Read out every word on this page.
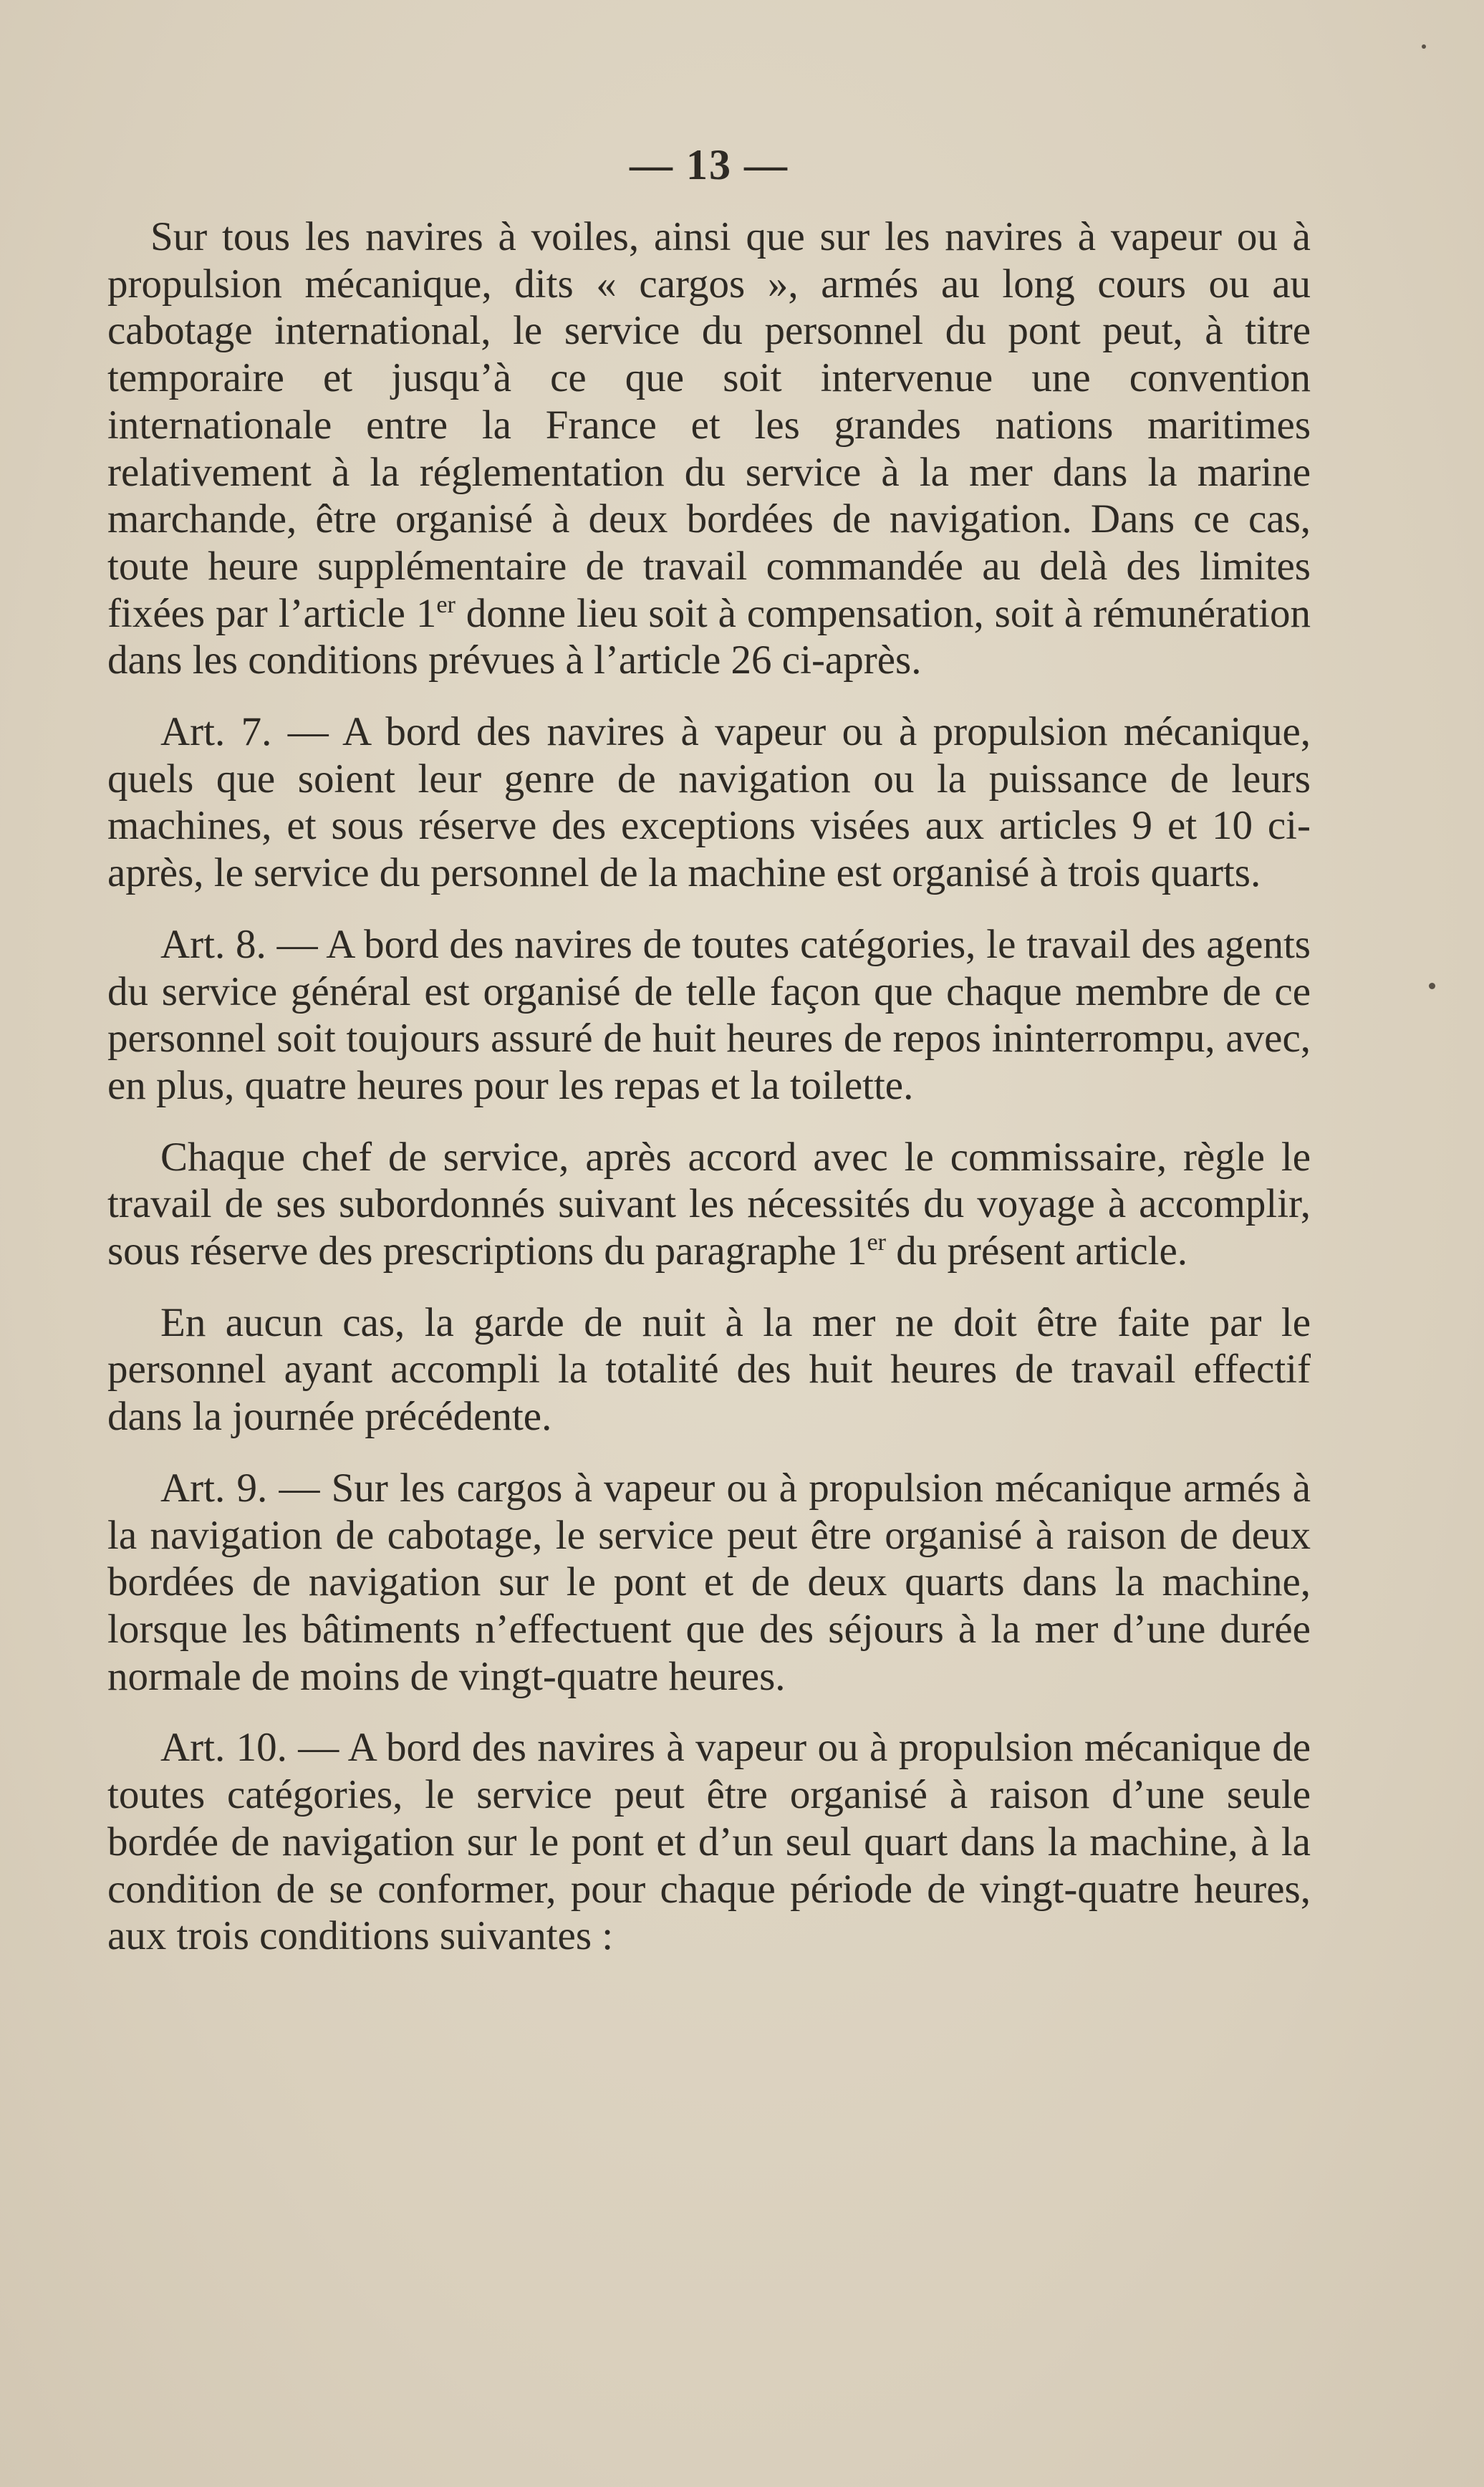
— 13 —

Sur tous les navires à voiles, ainsi que sur les navires à vapeur ou à propulsion mécanique, dits « cargos », armés au long cours ou au cabotage international, le service du personnel du pont peut, à titre temporaire et jusqu’à ce que soit intervenue une convention internationale entre la France et les grandes nations maritimes relativement à la réglementation du service à la mer dans la marine marchande, être organisé à deux bordées de navigation. Dans ce cas, toute heure supplémentaire de travail commandée au delà des limites fixées par l’article 1er donne lieu soit à compensation, soit à rémunération dans les conditions prévues à l’article 26 ci-après.

Art. 7. — A bord des navires à vapeur ou à propulsion mécanique, quels que soient leur genre de navigation ou la puissance de leurs machines, et sous réserve des exceptions visées aux articles 9 et 10 ci-après, le service du personnel de la machine est organisé à trois quarts.

Art. 8. — A bord des navires de toutes catégories, le travail des agents du service général est organisé de telle façon que chaque membre de ce personnel soit toujours assuré de huit heures de repos ininterrompu, avec, en plus, quatre heures pour les repas et la toilette.

Chaque chef de service, après accord avec le commissaire, règle le travail de ses subordonnés suivant les nécessités du voyage à accomplir, sous réserve des prescriptions du paragraphe 1er du présent article.

En aucun cas, la garde de nuit à la mer ne doit être faite par le personnel ayant accompli la totalité des huit heures de travail effectif dans la journée précédente.

Art. 9. — Sur les cargos à vapeur ou à propulsion mécanique armés à la navigation de cabotage, le service peut être organisé à raison de deux bordées de navigation sur le pont et de deux quarts dans la machine, lorsque les bâtiments n’effectuent que des séjours à la mer d’une durée normale de moins de vingt-quatre heures.

Art. 10. — A bord des navires à vapeur ou à propulsion mécanique de toutes catégories, le service peut être organisé à raison d’une seule bordée de navigation sur le pont et d’un seul quart dans la machine, à la condition de se conformer, pour chaque période de vingt-quatre heures, aux trois conditions suivantes :
